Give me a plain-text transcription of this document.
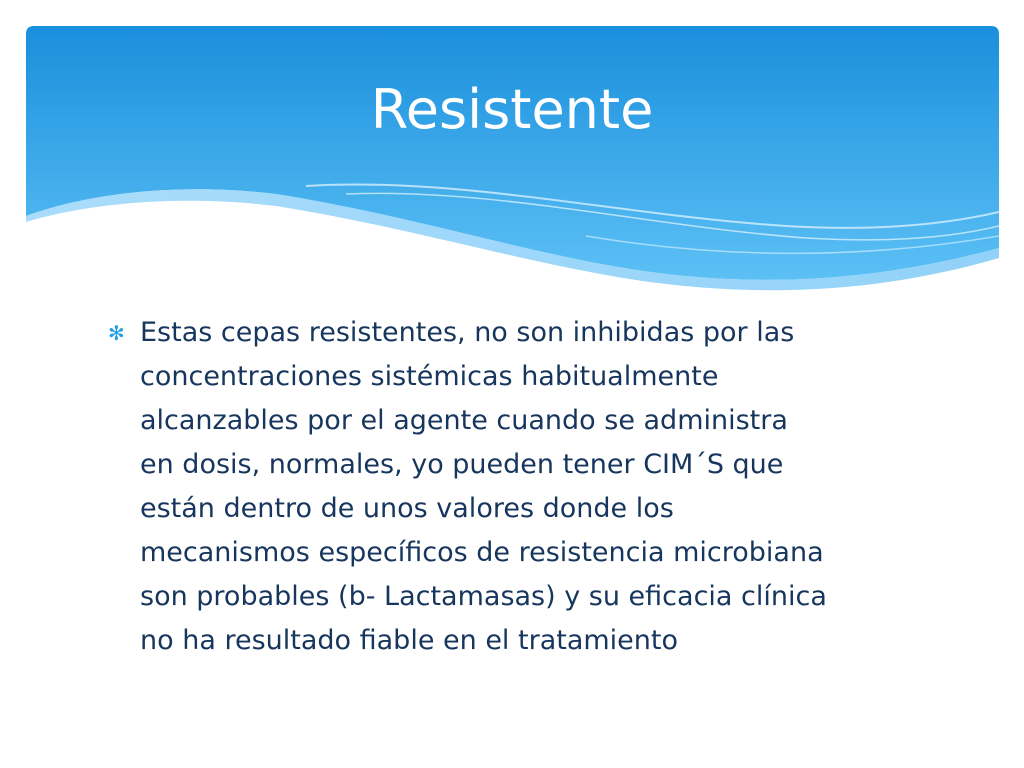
Resistente
✻ Estas cepas resistentes, no son inhibidas por las
concentraciones sistémicas habitualmente
alcanzables por el agente cuando se administra
en dosis, normales, yo pueden tener CIM´S que
están dentro de unos valores donde los
mecanismos específicos de resistencia microbiana
son probables (b- Lactamasas) y su eficacia clínica
no ha resultado fiable en el tratamiento
